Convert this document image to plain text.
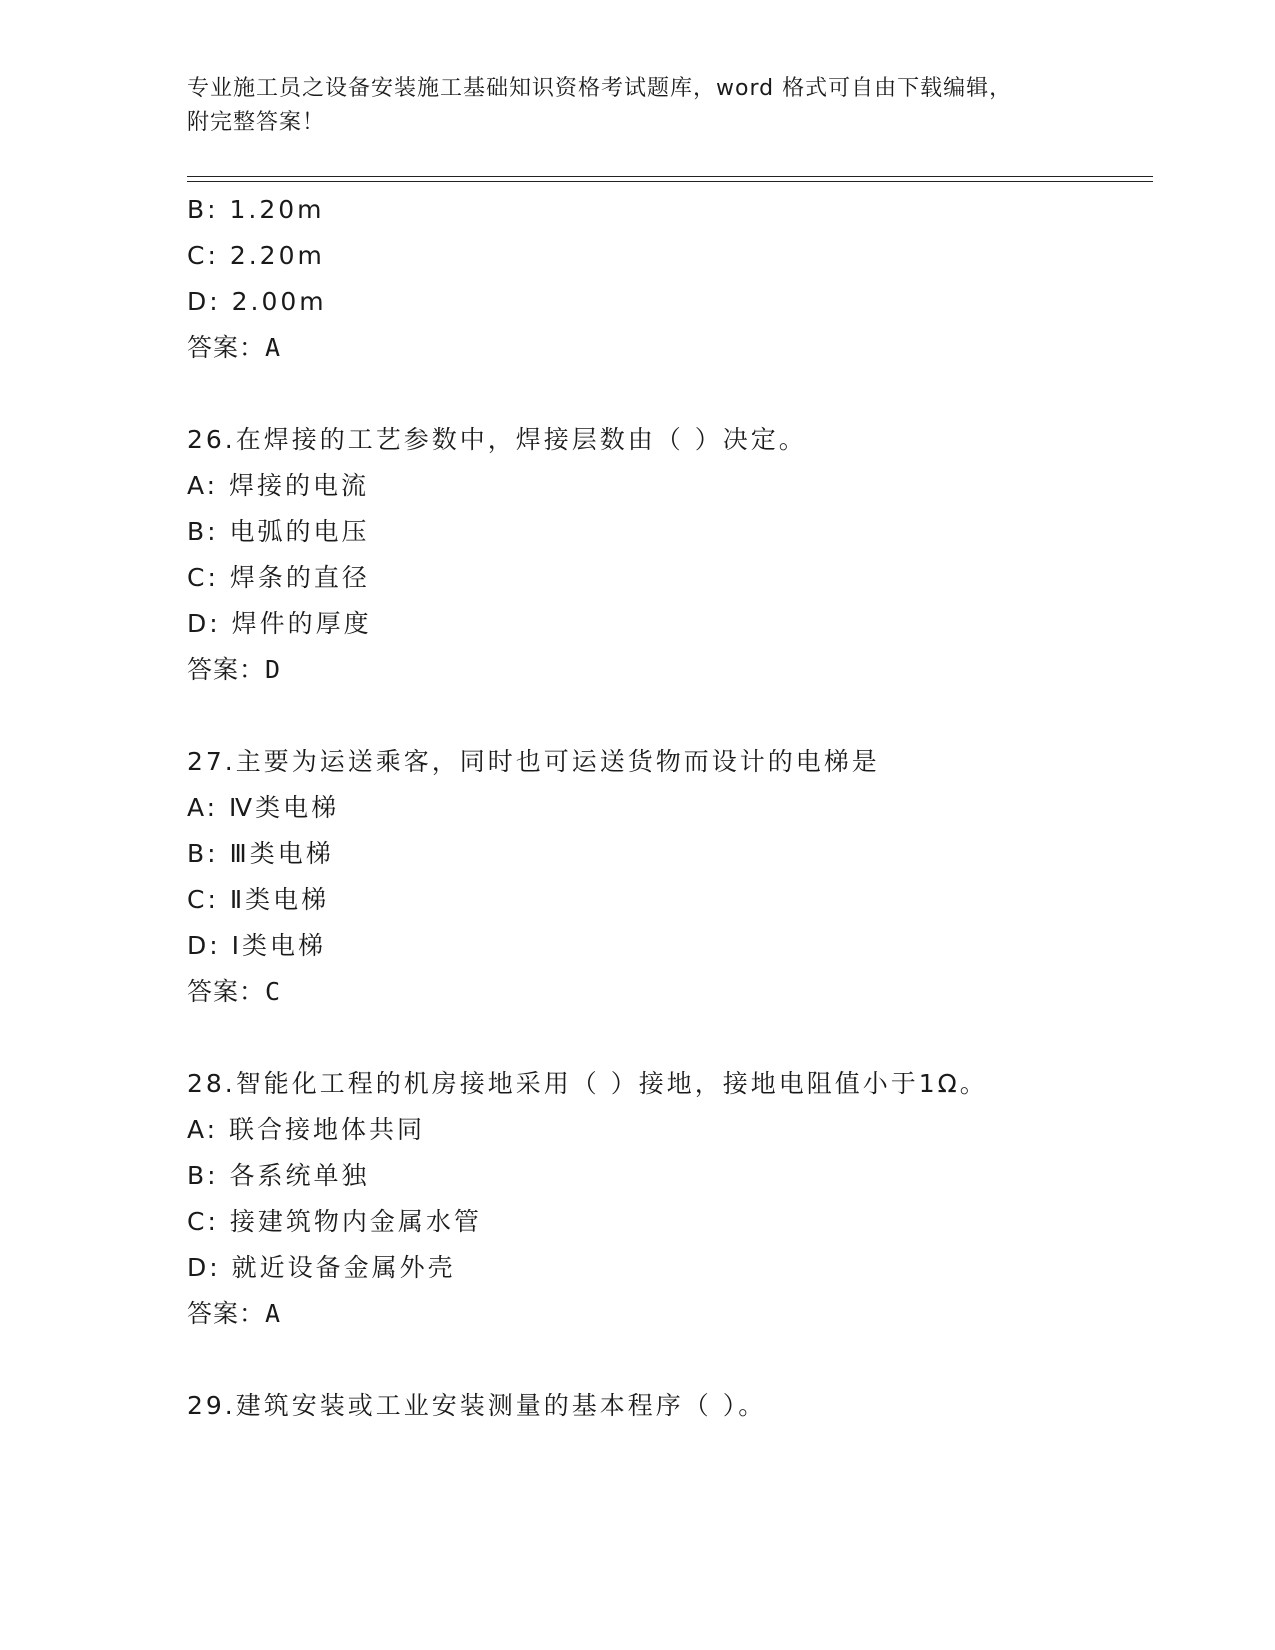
专业施工员之设备安装施工基础知识资格考试题库，word 格式可自由下载编辑，
附完整答案！
B: 1.20m
C: 2.20m
D: 2.00m
答案：A
26.在焊接的工艺参数中，焊接层数由（ ）决定。
A: 焊接的电流
B: 电弧的电压
C: 焊条的直径
D: 焊件的厚度
答案：D
27.主要为运送乘客，同时也可运送货物而设计的电梯是
A: Ⅳ类电梯
B: Ⅲ类电梯
C: Ⅱ类电梯
D: Ⅰ类电梯
答案：C
28.智能化工程的机房接地采用（ ）接地，接地电阻值小于1Ω。
A: 联合接地体共同
B: 各系统单独
C: 接建筑物内金属水管
D: 就近设备金属外壳
答案：A
29.建筑安装或工业安装测量的基本程序（ ）。
